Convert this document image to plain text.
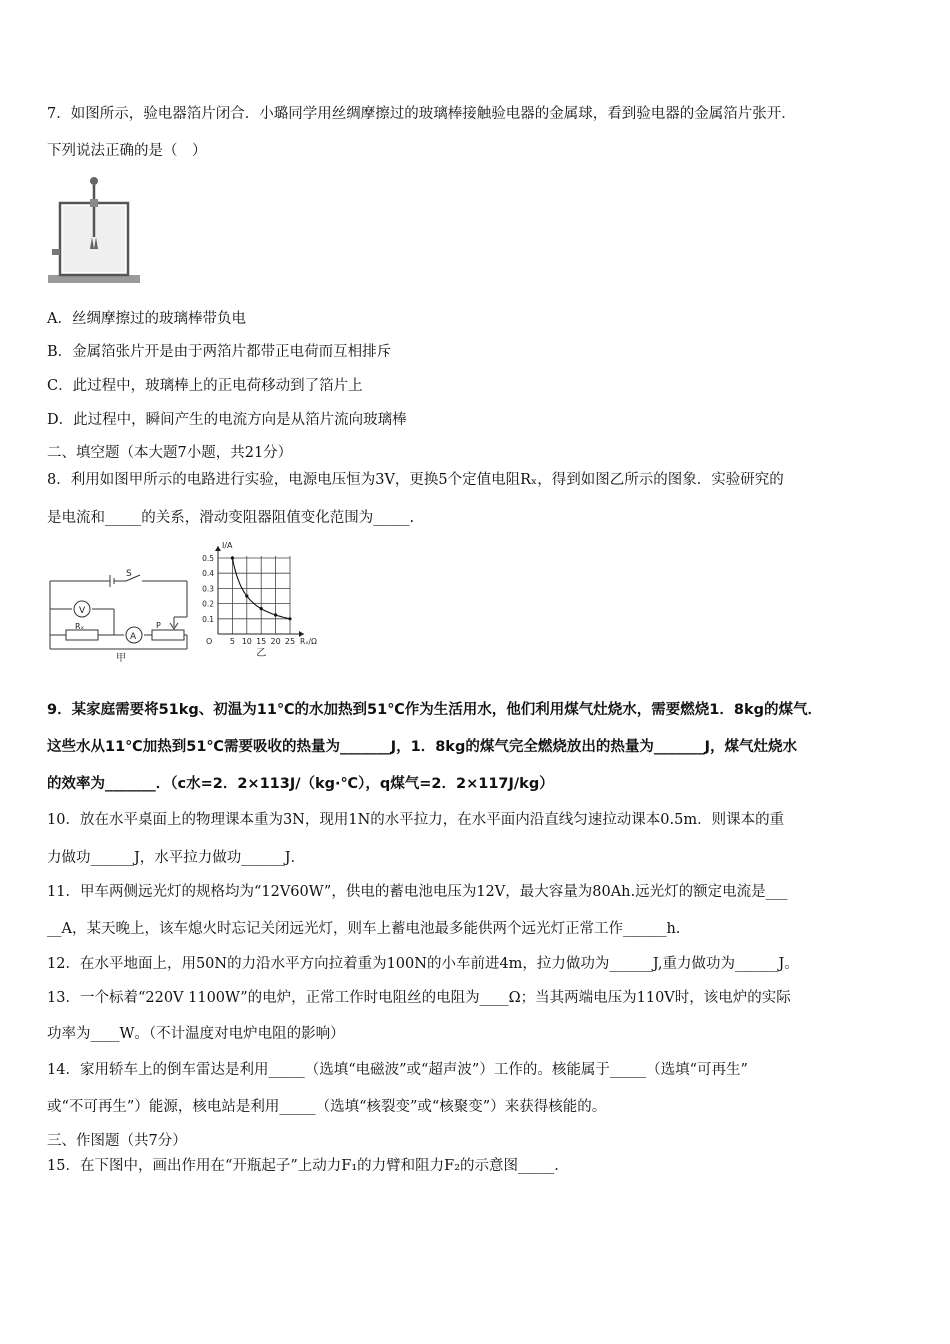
7．如图所示，验电器箔片闭合．小璐同学用丝绸摩擦过的玻璃棒接触验电器的金属球，看到验电器的金属箔片张开．
下列说法正确的是（　）
A．丝绸摩擦过的玻璃棒带负电
B．金属箔张片开是由于两箔片都带正电荷而互相排斥
C．此过程中，玻璃棒上的正电荷移动到了箔片上
D．此过程中，瞬间产生的电流方向是从箔片流向玻璃棒
二、填空题（本大题7小题，共21分）
8．利用如图甲所示的电路进行实验，电源电压恒为3V，更换5个定值电阻Rₓ，得到如图乙所示的图象．实验研究的
是电流和_____的关系，滑动变阻器阻值变化范围为_____.
S
V
A
Rₓ	P
甲
5 10 15 20 25
0.5
0.4
0.3
0.2
0.1
O
I/A
Rₓ/Ω
乙
9．某家庭需要将51kg、初温为11℃的水加热到51℃作为生活用水，他们利用煤气灶烧水，需要燃烧1．8kg的煤气．
这些水从11℃加热到51℃需要吸收的热量为_______J，1．8kg的煤气完全燃烧放出的热量为_______J，煤气灶烧水
的效率为_______．（c水=2．2×113J/（kg·℃），q煤气=2．2×117J/kg）
10．放在水平桌面上的物理课本重为3N，现用1N的水平拉力，在水平面内沿直线匀速拉动课本0.5m．则课本的重
力做功______J，水平拉力做功______J．
11．甲车两侧远光灯的规格均为“12V60W”，供电的蓄电池电压为12V，最大容量为80Ah.远光灯的额定电流是___
__A，某天晚上，该车熄火时忘记关闭远光灯，则车上蓄电池最多能供两个远光灯正常工作______h.
12．在水平地面上，用50N的力沿水平方向拉着重为100N的小车前进4m，拉力做功为______J,重力做功为______J。
13．一个标着“220V 1100W”的电炉，正常工作时电阻丝的电阻为____Ω；当其两端电压为110V时，该电炉的实际
功率为____W。（不计温度对电炉电阻的影响）
14．家用轿车上的倒车雷达是利用_____（选填“电磁波”或“超声波”）工作的。核能属于_____（选填“可再生”
或“不可再生”）能源，核电站是利用_____（选填“核裂变”或“核聚变”）来获得核能的。
三、作图题（共7分）
15．在下图中，画出作用在“开瓶起子”上动力F₁的力臂和阻力F₂的示意图_____.
